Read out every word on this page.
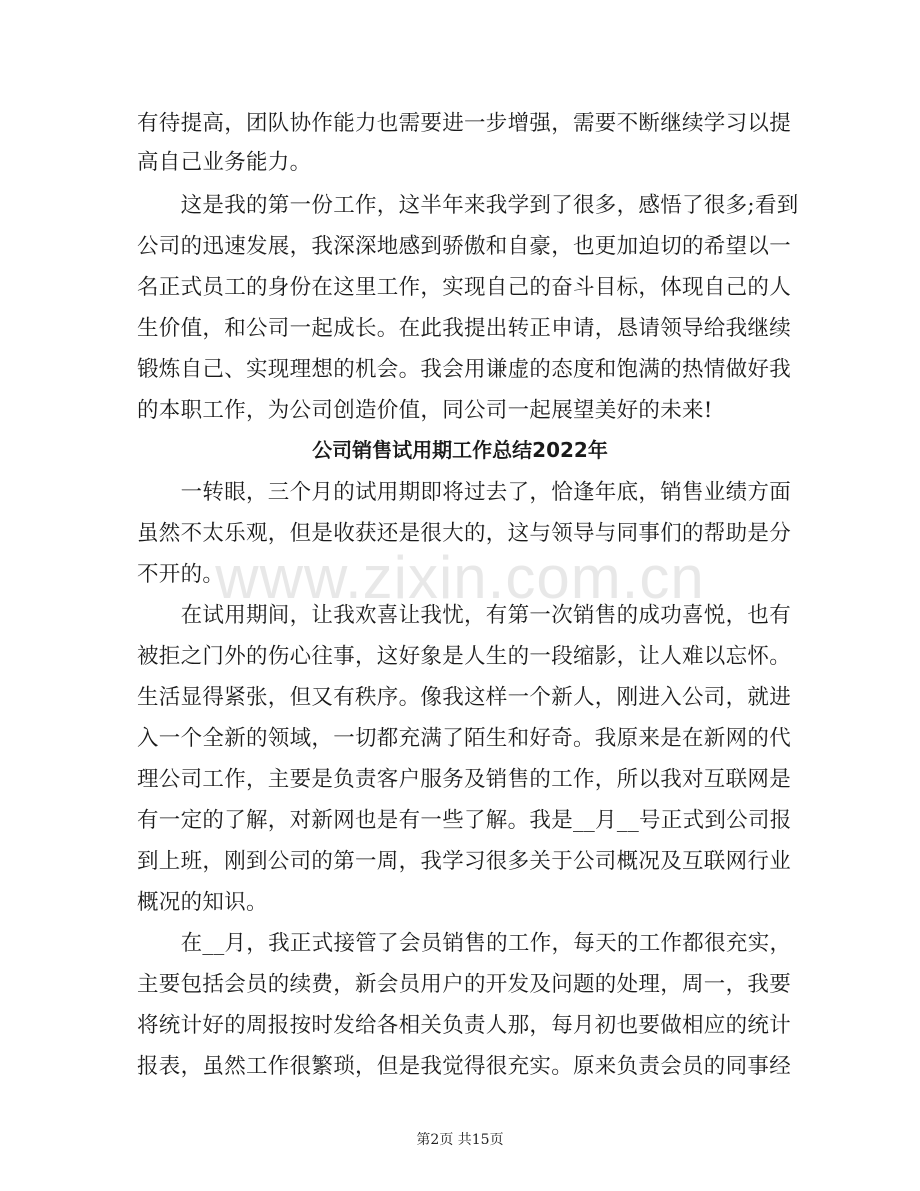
有待提高，团队协作能力也需要进一步增强，需要不断继续学习以提
高自己业务能力。
　　这是我的第一份工作，这半年来我学到了很多，感悟了很多;看到
公司的迅速发展，我深深地感到骄傲和自豪，也更加迫切的希望以一
名正式员工的身份在这里工作，实现自己的奋斗目标，体现自己的人
生价值，和公司一起成长。在此我提出转正申请，恳请领导给我继续
锻炼自己、实现理想的机会。我会用谦虚的态度和饱满的热情做好我
的本职工作，为公司创造价值，同公司一起展望美好的未来!
公司销售试用期工作总结2022年
www.zixin.com.cn
　　一转眼，三个月的试用期即将过去了，恰逢年底，销售业绩方面
虽然不太乐观，但是收获还是很大的，这与领导与同事们的帮助是分
不开的。
　　在试用期间，让我欢喜让我忧，有第一次销售的成功喜悦，也有
被拒之门外的伤心往事，这好象是人生的一段缩影，让人难以忘怀。
生活显得紧张，但又有秩序。像我这样一个新人，刚进入公司，就进
入一个全新的领域，一切都充满了陌生和好奇。我原来是在新网的代
理公司工作，主要是负责客户服务及销售的工作，所以我对互联网是
有一定的了解，对新网也是有一些了解。我是__月__号正式到公司报
到上班，刚到公司的第一周，我学习很多关于公司概况及互联网行业
概况的知识。
　　在__月，我正式接管了会员销售的工作，每天的工作都很充实，
主要包括会员的续费，新会员用户的开发及问题的处理，周一，我要
将统计好的周报按时发给各相关负责人那，每月初也要做相应的统计
报表，虽然工作很繁琐，但是我觉得很充实。原来负责会员的同事经
第2页 共15页
